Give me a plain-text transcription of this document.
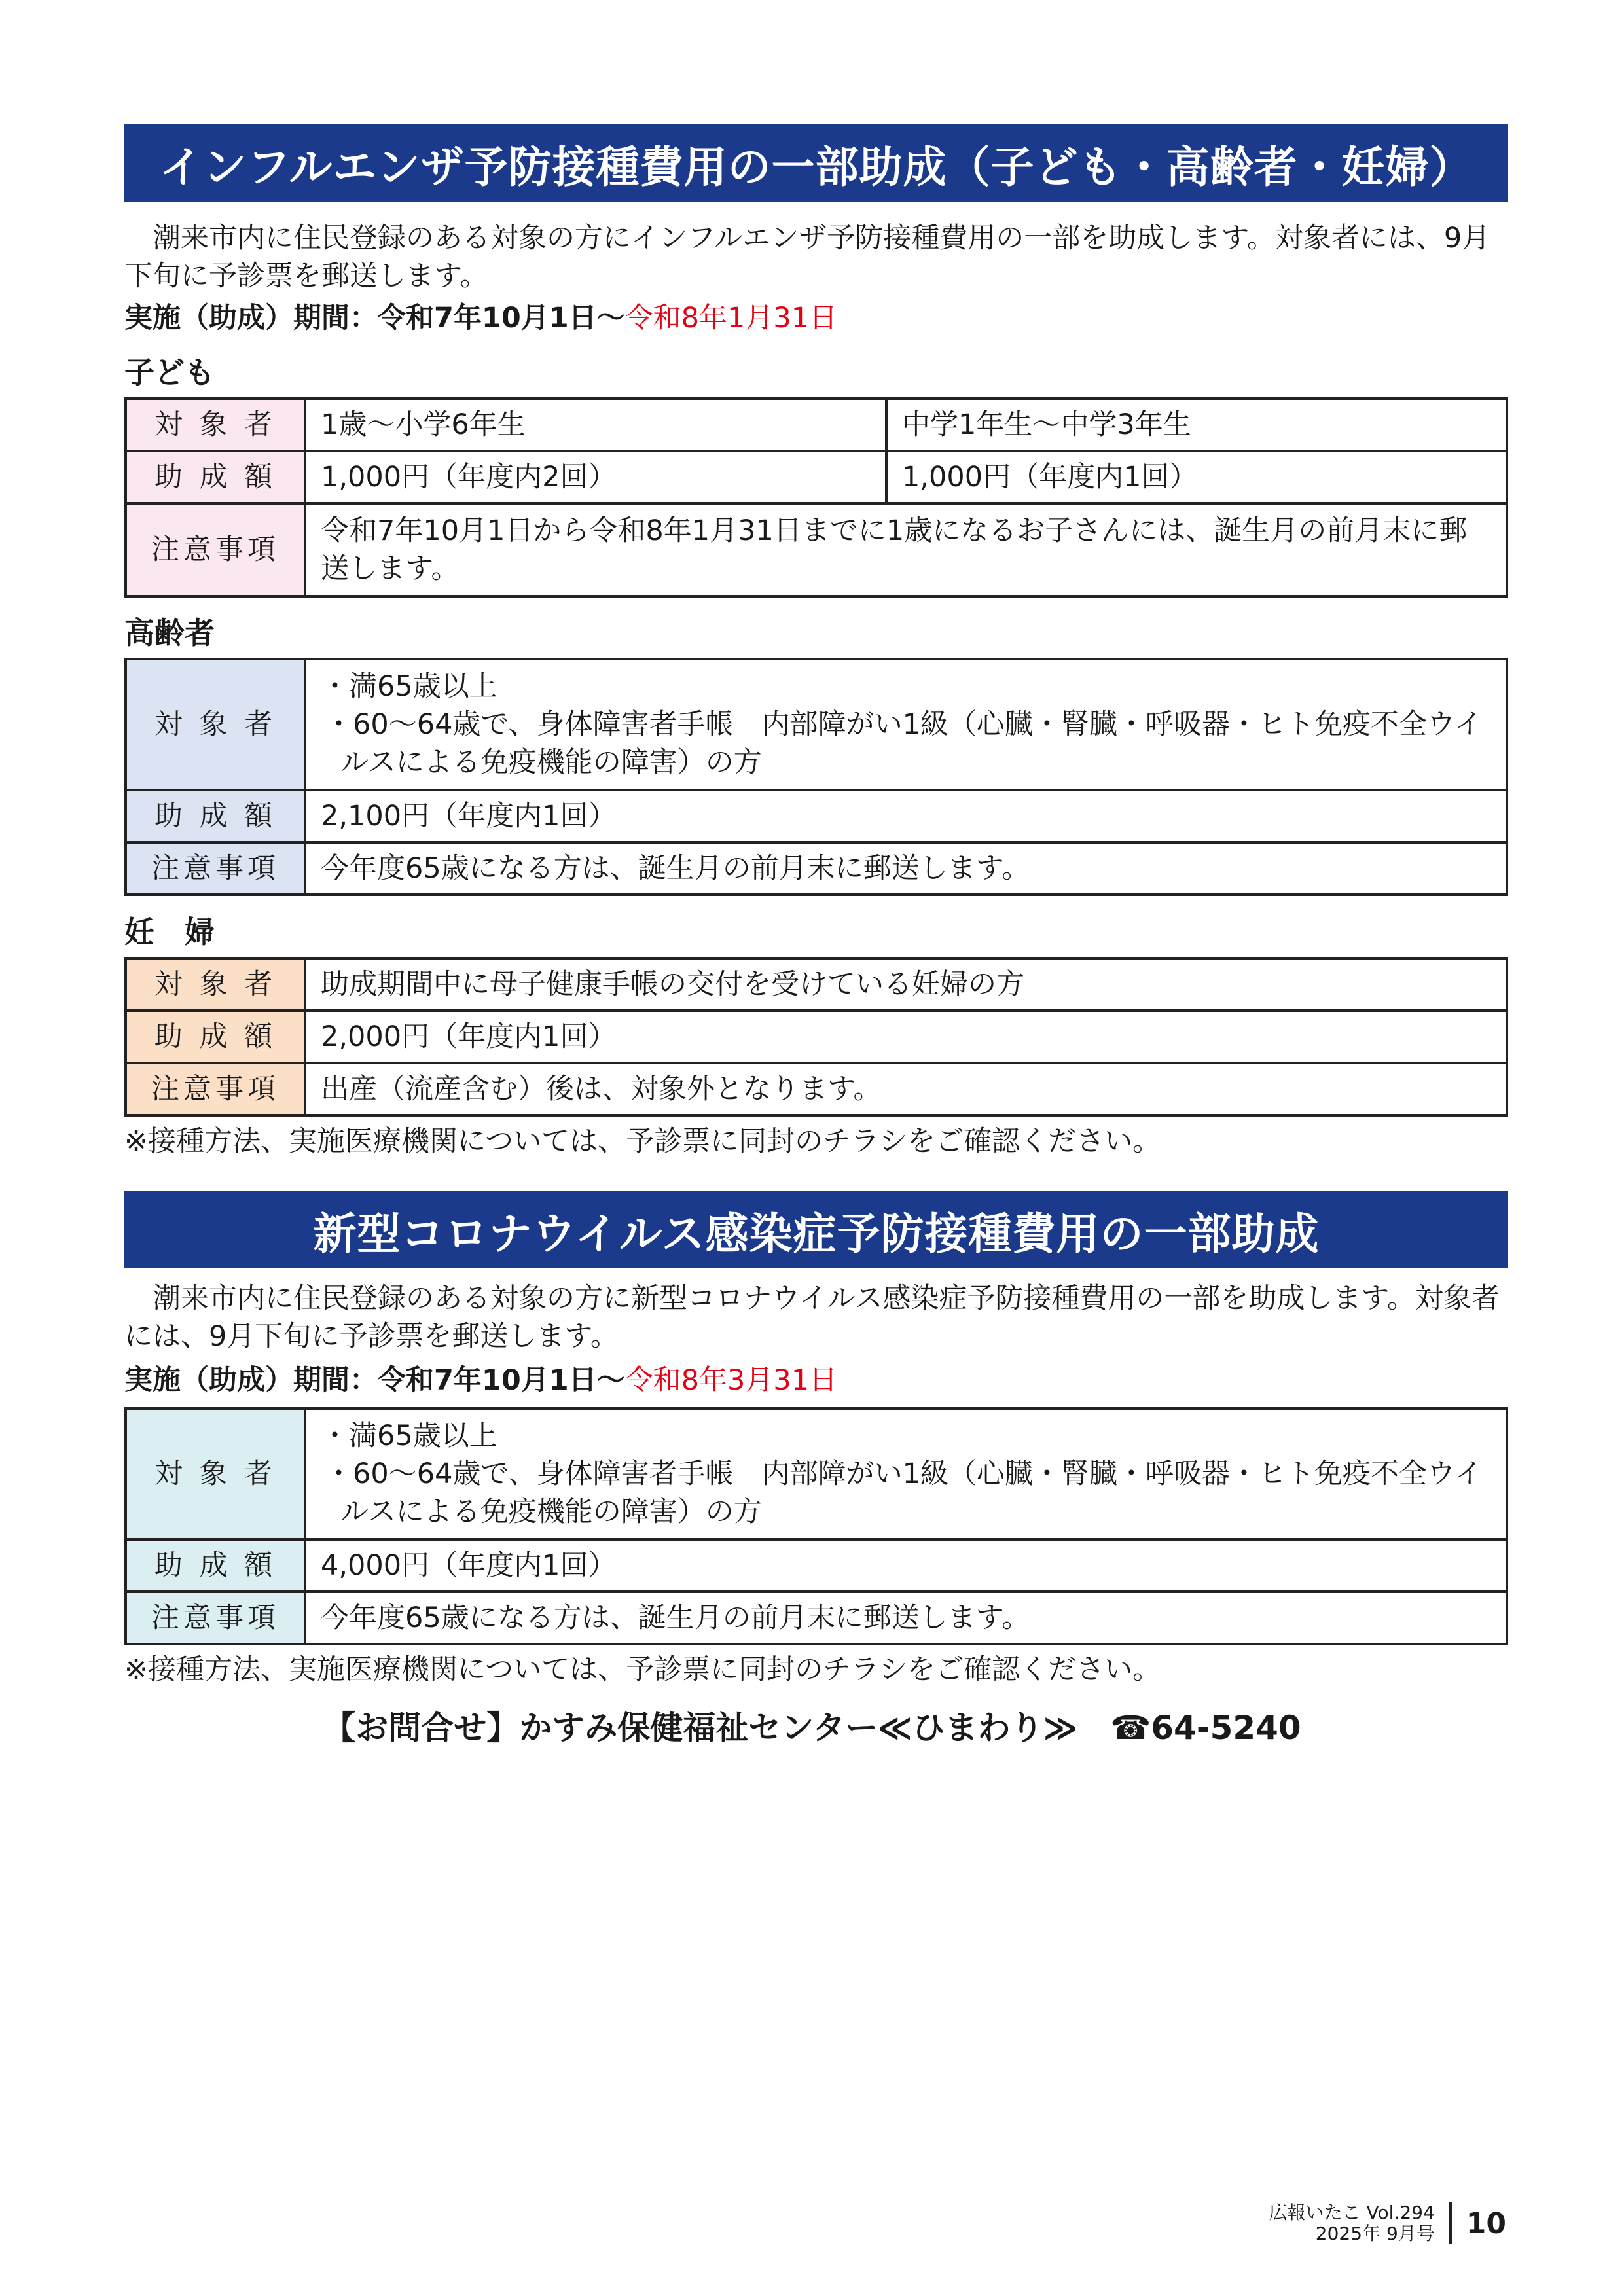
インフルエンザ予防接種費用の一部助成（子ども・高齢者・妊婦）
潮来市内に住民登録のある対象の方にインフルエンザ予防接種費用の一部を助成します。対象者には、9月下旬に予診票を郵送します。
実施（助成）期間：令和7年10月1日〜令和8年1月31日
子ども
対 象 者	1歳〜小学6年生	中学1年生〜中学3年生
助 成 額	1,000円（年度内2回）	1,000円（年度内1回）
注意事項	令和7年10月1日から令和8年1月31日までに1歳になるお子さんには、誕生月の前月末に郵送します。	
高齢者
対 象 者	・満65歳以上
・60〜64歳で、身体障害者手帳　内部障がい1級（心臓・腎臓・呼吸器・ヒト免疫不全ウイルスによる免疫機能の障害）の方

助 成 額	2,100円（年度内1回）
注意事項	今年度65歳になる方は、誕生月の前月末に郵送します。
妊　婦
対 象 者	助成期間中に母子健康手帳の交付を受けている妊婦の方
助 成 額	2,000円（年度内1回）
注意事項	出産（流産含む）後は、対象外となります。
※接種方法、実施医療機関については、予診票に同封のチラシをご確認ください。
新型コロナウイルス感染症予防接種費用の一部助成
潮来市内に住民登録のある対象の方に新型コロナウイルス感染症予防接種費用の一部を助成します。対象者には、9月下旬に予診票を郵送します。
実施（助成）期間：令和7年10月1日〜令和8年3月31日
対 象 者	・満65歳以上
・60〜64歳で、身体障害者手帳　内部障がい1級（心臓・腎臓・呼吸器・ヒト免疫不全ウイルスによる免疫機能の障害）の方

助 成 額	4,000円（年度内1回）
注意事項	今年度65歳になる方は、誕生月の前月末に郵送します。
※接種方法、実施医療機関については、予診票に同封のチラシをご確認ください。
【お問合せ】かすみ保健福祉センター≪ひまわり≫　☎64-5240
広報いたこ Vol.294
2025年 9月号	10
